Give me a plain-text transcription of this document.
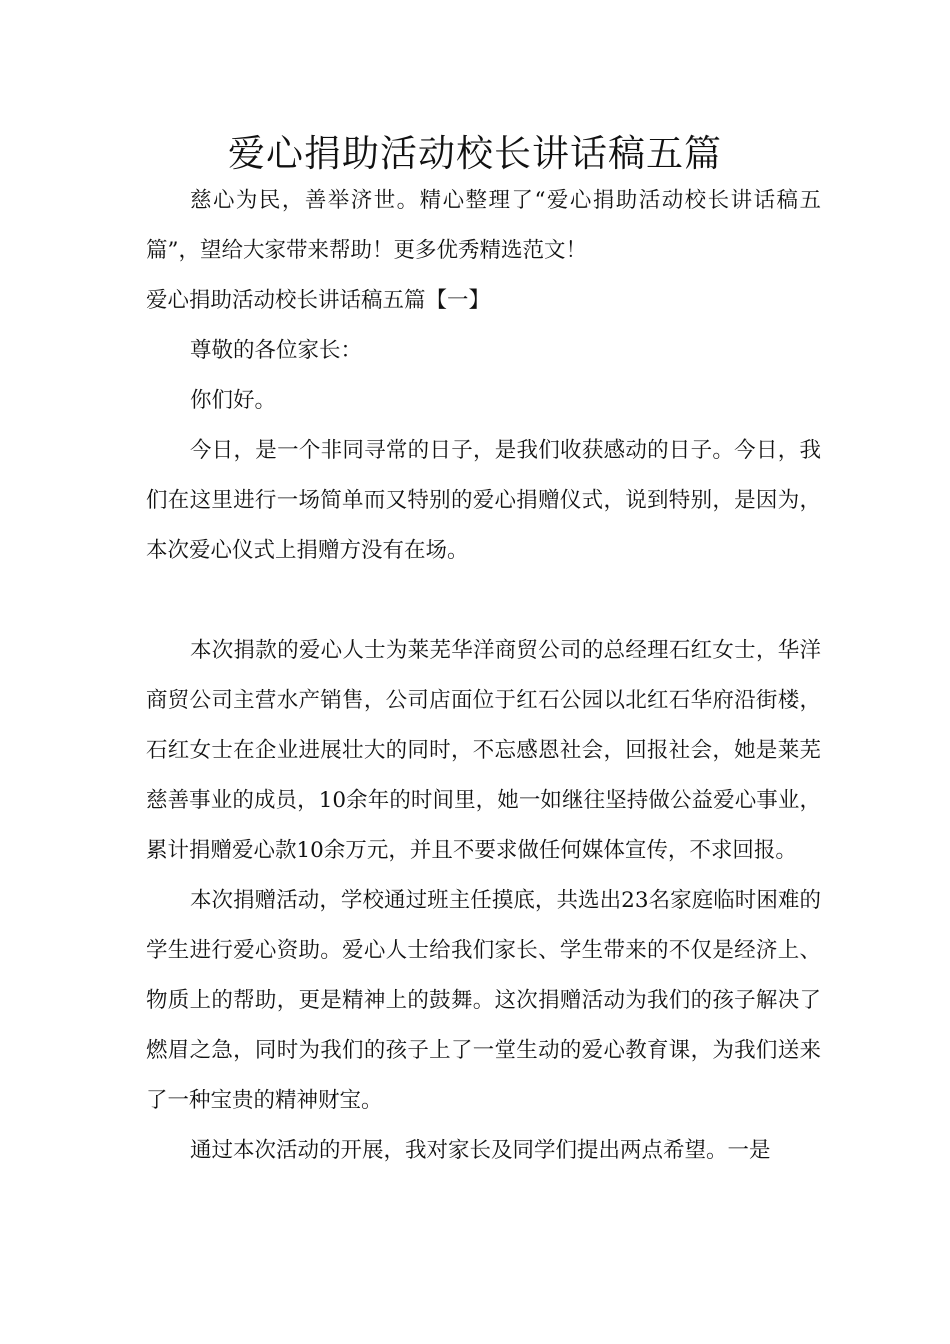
爱心捐助活动校长讲话稿五篇

慈心为民，善举济世。精心整理了“爱心捐助活动校长讲话稿五篇”，望给大家带来帮助！更多优秀精选范文！

爱心捐助活动校长讲话稿五篇【一】

尊敬的各位家长：

你们好。

今日，是一个非同寻常的日子，是我们收获感动的日子。今日，我们在这里进行一场简单而又特别的爱心捐赠仪式，说到特别，是因为，本次爱心仪式上捐赠方没有在场。

本次捐款的爱心人士为莱芜华洋商贸公司的总经理石红女士，华洋商贸公司主营水产销售，公司店面位于红石公园以北红石华府沿街楼，石红女士在企业进展壮大的同时，不忘感恩社会，回报社会，她是莱芜慈善事业的成员，10余年的时间里，她一如继往坚持做公益爱心事业，累计捐赠爱心款10余万元，并且不要求做任何媒体宣传，不求回报。

本次捐赠活动，学校通过班主任摸底，共选出23名家庭临时困难的学生进行爱心资助。爱心人士给我们家长、学生带来的不仅是经济上、物质上的帮助，更是精神上的鼓舞。这次捐赠活动为我们的孩子解决了燃眉之急，同时为我们的孩子上了一堂生动的爱心教育课，为我们送来了一种宝贵的精神财宝。

通过本次活动的开展，我对家长及同学们提出两点希望。一是
